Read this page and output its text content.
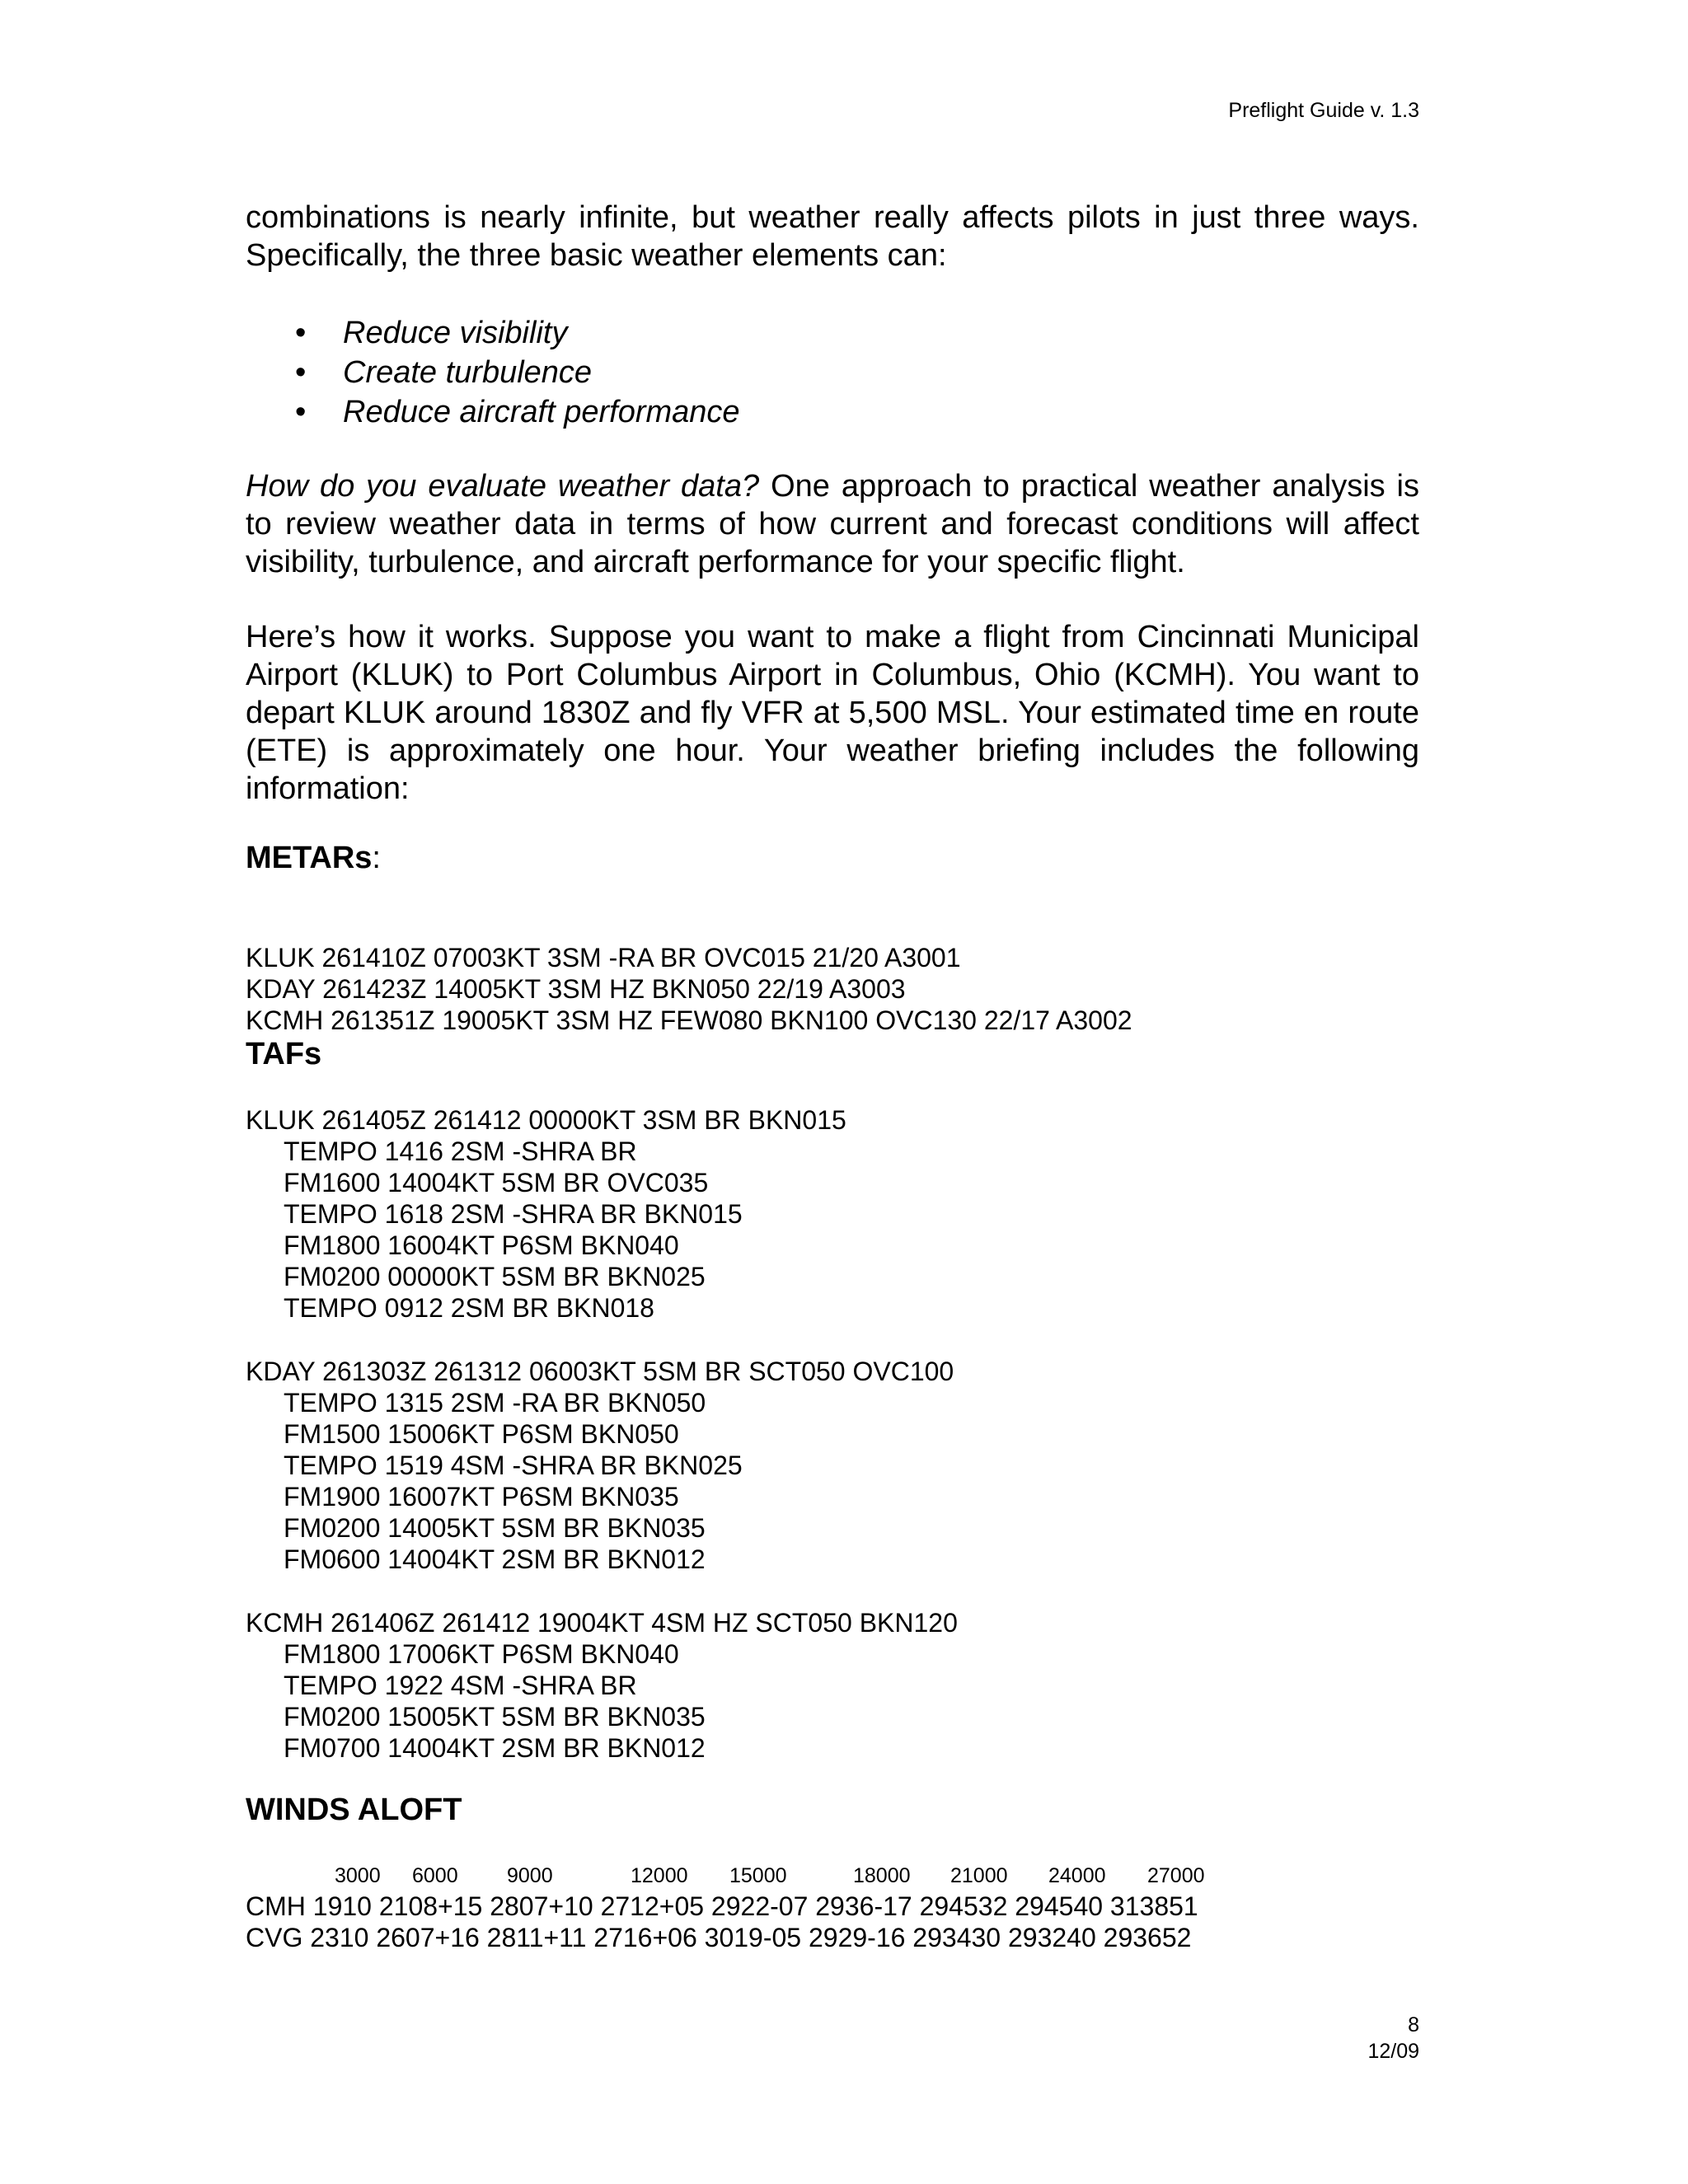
Preflight Guide v. 1.3
combinations is nearly infinite, but weather really affects pilots in just three ways. Specifically, the three basic weather elements can:
• Reduce visibility
• Create turbulence
• Reduce aircraft performance
How do you evaluate weather data? One approach to practical weather analysis is to review weather data in terms of how current and forecast conditions will affect visibility, turbulence, and aircraft performance for your specific flight.
Here’s how it works. Suppose you want to make a flight from Cincinnati Municipal Airport (KLUK) to Port Columbus Airport in Columbus, Ohio (KCMH). You want to depart KLUK around 1830Z and fly VFR at 5,500 MSL. Your estimated time en route (ETE) is approximately one hour. Your weather briefing includes the following information:
METARs:

KLUK 261410Z 07003KT 3SM -RA BR OVC015 21/20 A3001
KDAY 261423Z 14005KT 3SM HZ BKN050 22/19 A3003
KCMH 261351Z 19005KT 3SM HZ FEW080 BKN100 OVC130 22/17 A3002

TAFs
KLUK 261405Z 261412 00000KT 3SM BR BKN015
TEMPO 1416 2SM -SHRA BR
FM1600 14004KT 5SM BR OVC035
TEMPO 1618 2SM -SHRA BR BKN015
FM1800 16004KT P6SM BKN040
FM0200 00000KT 5SM BR BKN025
TEMPO 0912 2SM BR BKN018
KDAY 261303Z 261312 06003KT 5SM BR SCT050 OVC100
TEMPO 1315 2SM -RA BR BKN050
FM1500 15006KT P6SM BKN050
TEMPO 1519 4SM -SHRA BR BKN025
FM1900 16007KT P6SM BKN035
FM0200 14005KT 5SM BR BKN035
FM0600 14004KT 2SM BR BKN012
KCMH 261406Z 261412 19004KT 4SM HZ SCT050 BKN120
FM1800 17006KT P6SM BKN040
TEMPO 1922 4SM -SHRA BR
FM0200 15005KT 5SM BR BKN035
FM0700 14004KT 2SM BR BKN012
WINDS ALOFT
3000 6000 9000	12000 15000	18000 21000 24000 27000
CMH 1910 2108+15 2807+10 2712+05 2922-07 2936-17 294532 294540 313851
CVG 2310 2607+16 2811+11 2716+06 3019-05 2929-16 293430 293240 293652
8
12/09
